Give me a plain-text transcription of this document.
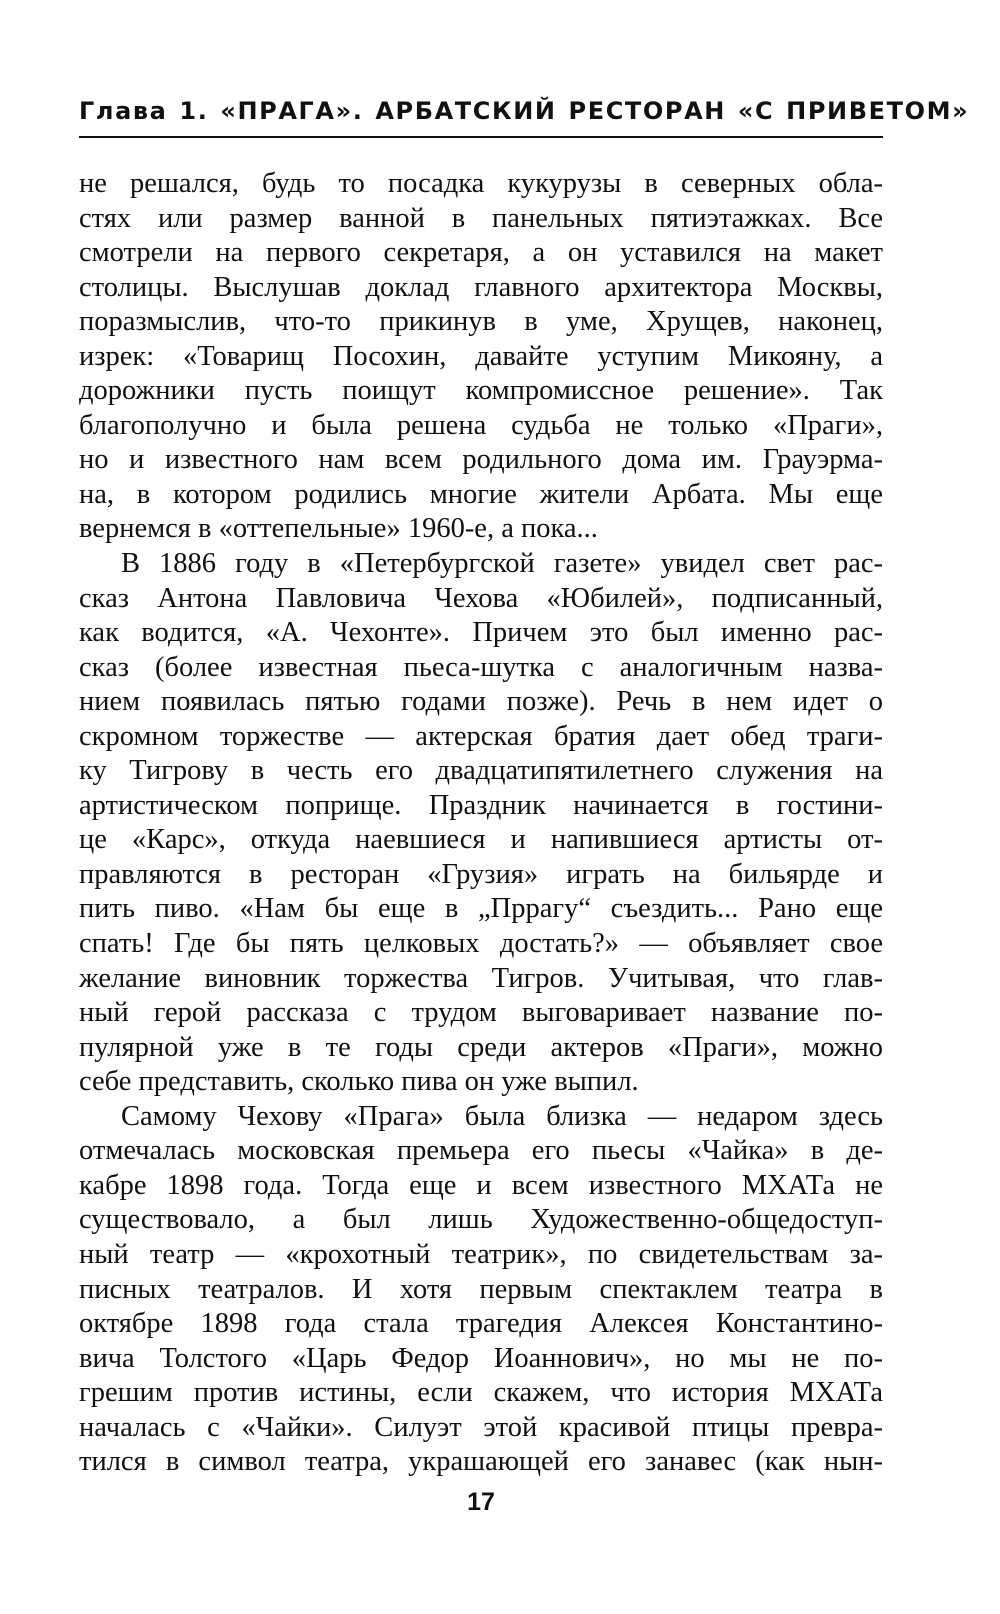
Глава 1. «ПРАГА». АРБАТСКИЙ РЕСТОРАН «С ПРИВЕТОМ»
не решался, будь то посадка кукурузы в северных обла-
стях или размер ванной в панельных пятиэтажках. Все
смотрели на первого секретаря, а он уставился на макет
столицы. Выслушав доклад главного архитектора Москвы,
поразмыслив, что-то прикинув в уме, Хрущев, наконец,
изрек: «Товарищ Посохин, давайте уступим Микояну, а
дорожники пусть поищут компромиссное решение». Так
благополучно и была решена судьба не только «Праги»,
но и известного нам всем родильного дома им. Грауэрма-
на, в котором родились многие жители Арбата. Мы еще
вернемся в «оттепельные» 1960-е, а пока...
В 1886 году в «Петербургской газете» увидел свет рас-
сказ Антона Павловича Чехова «Юбилей», подписанный,
как водится, «А. Чехонте». Причем это был именно рас-
сказ (более известная пьеса-шутка с аналогичным назва-
нием появилась пятью годами позже). Речь в нем идет о
скромном торжестве — актерская братия дает обед траги-
ку Тигрову в честь его двадцатипятилетнего служения на
артистическом поприще. Праздник начинается в гостини-
це «Карс», откуда наевшиеся и напившиеся артисты от-
правляются в ресторан «Грузия» играть на бильярде и
пить пиво. «Нам бы еще в „Пррагу“ съездить... Рано еще
спать! Где бы пять целковых достать?» — объявляет свое
желание виновник торжества Тигров. Учитывая, что глав-
ный герой рассказа с трудом выговаривает название по-
пулярной уже в те годы среди актеров «Праги», можно
себе представить, сколько пива он уже выпил.
Самому Чехову «Прага» была близка — недаром здесь
отмечалась московская премьера его пьесы «Чайка» в де-
кабре 1898 года. Тогда еще и всем известного МХАТа не
существовало, а был лишь Художественно-общедоступ-
ный театр — «крохотный театрик», по свидетельствам за-
писных театралов. И хотя первым спектаклем театра в
октябре 1898 года стала трагедия Алексея Константино-
вича Толстого «Царь Федор Иоаннович», но мы не по-
грешим против истины, если скажем, что история МХАТа
началась с «Чайки». Силуэт этой красивой птицы превра-
тился в символ театра, украшающей его занавес (как нын-
17
